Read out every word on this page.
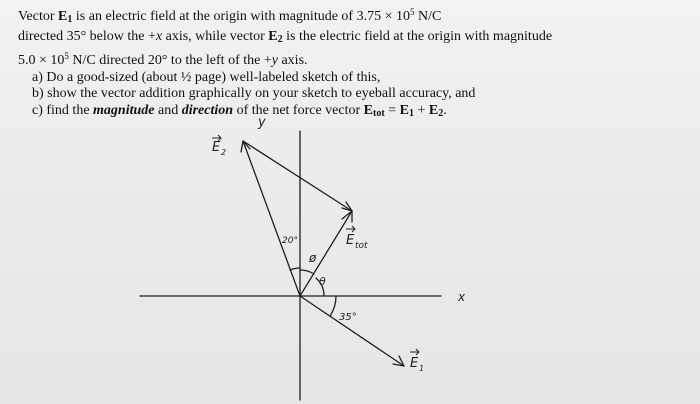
Vector $E_1$ is an electric field at the origin with magnitude of $3.75 \times 10^5$ N/C
directed 35° below the +x axis, while vector $E_2$ is the electric field at the origin with magnitude
$5.0 \times 10^5$ N/C directed 20° to the left of the +y axis.
a) Do a good-sized (about ½ page) well-labeled sketch of this,
b) show the vector addition graphically on your sketch to eyeball accuracy, and
c) find the magnitude and direction of the net force vector $E_{tot} = E_1 + E_2$.
y
x
E 2
E tot
E 1
20°
ø
θ
35°
